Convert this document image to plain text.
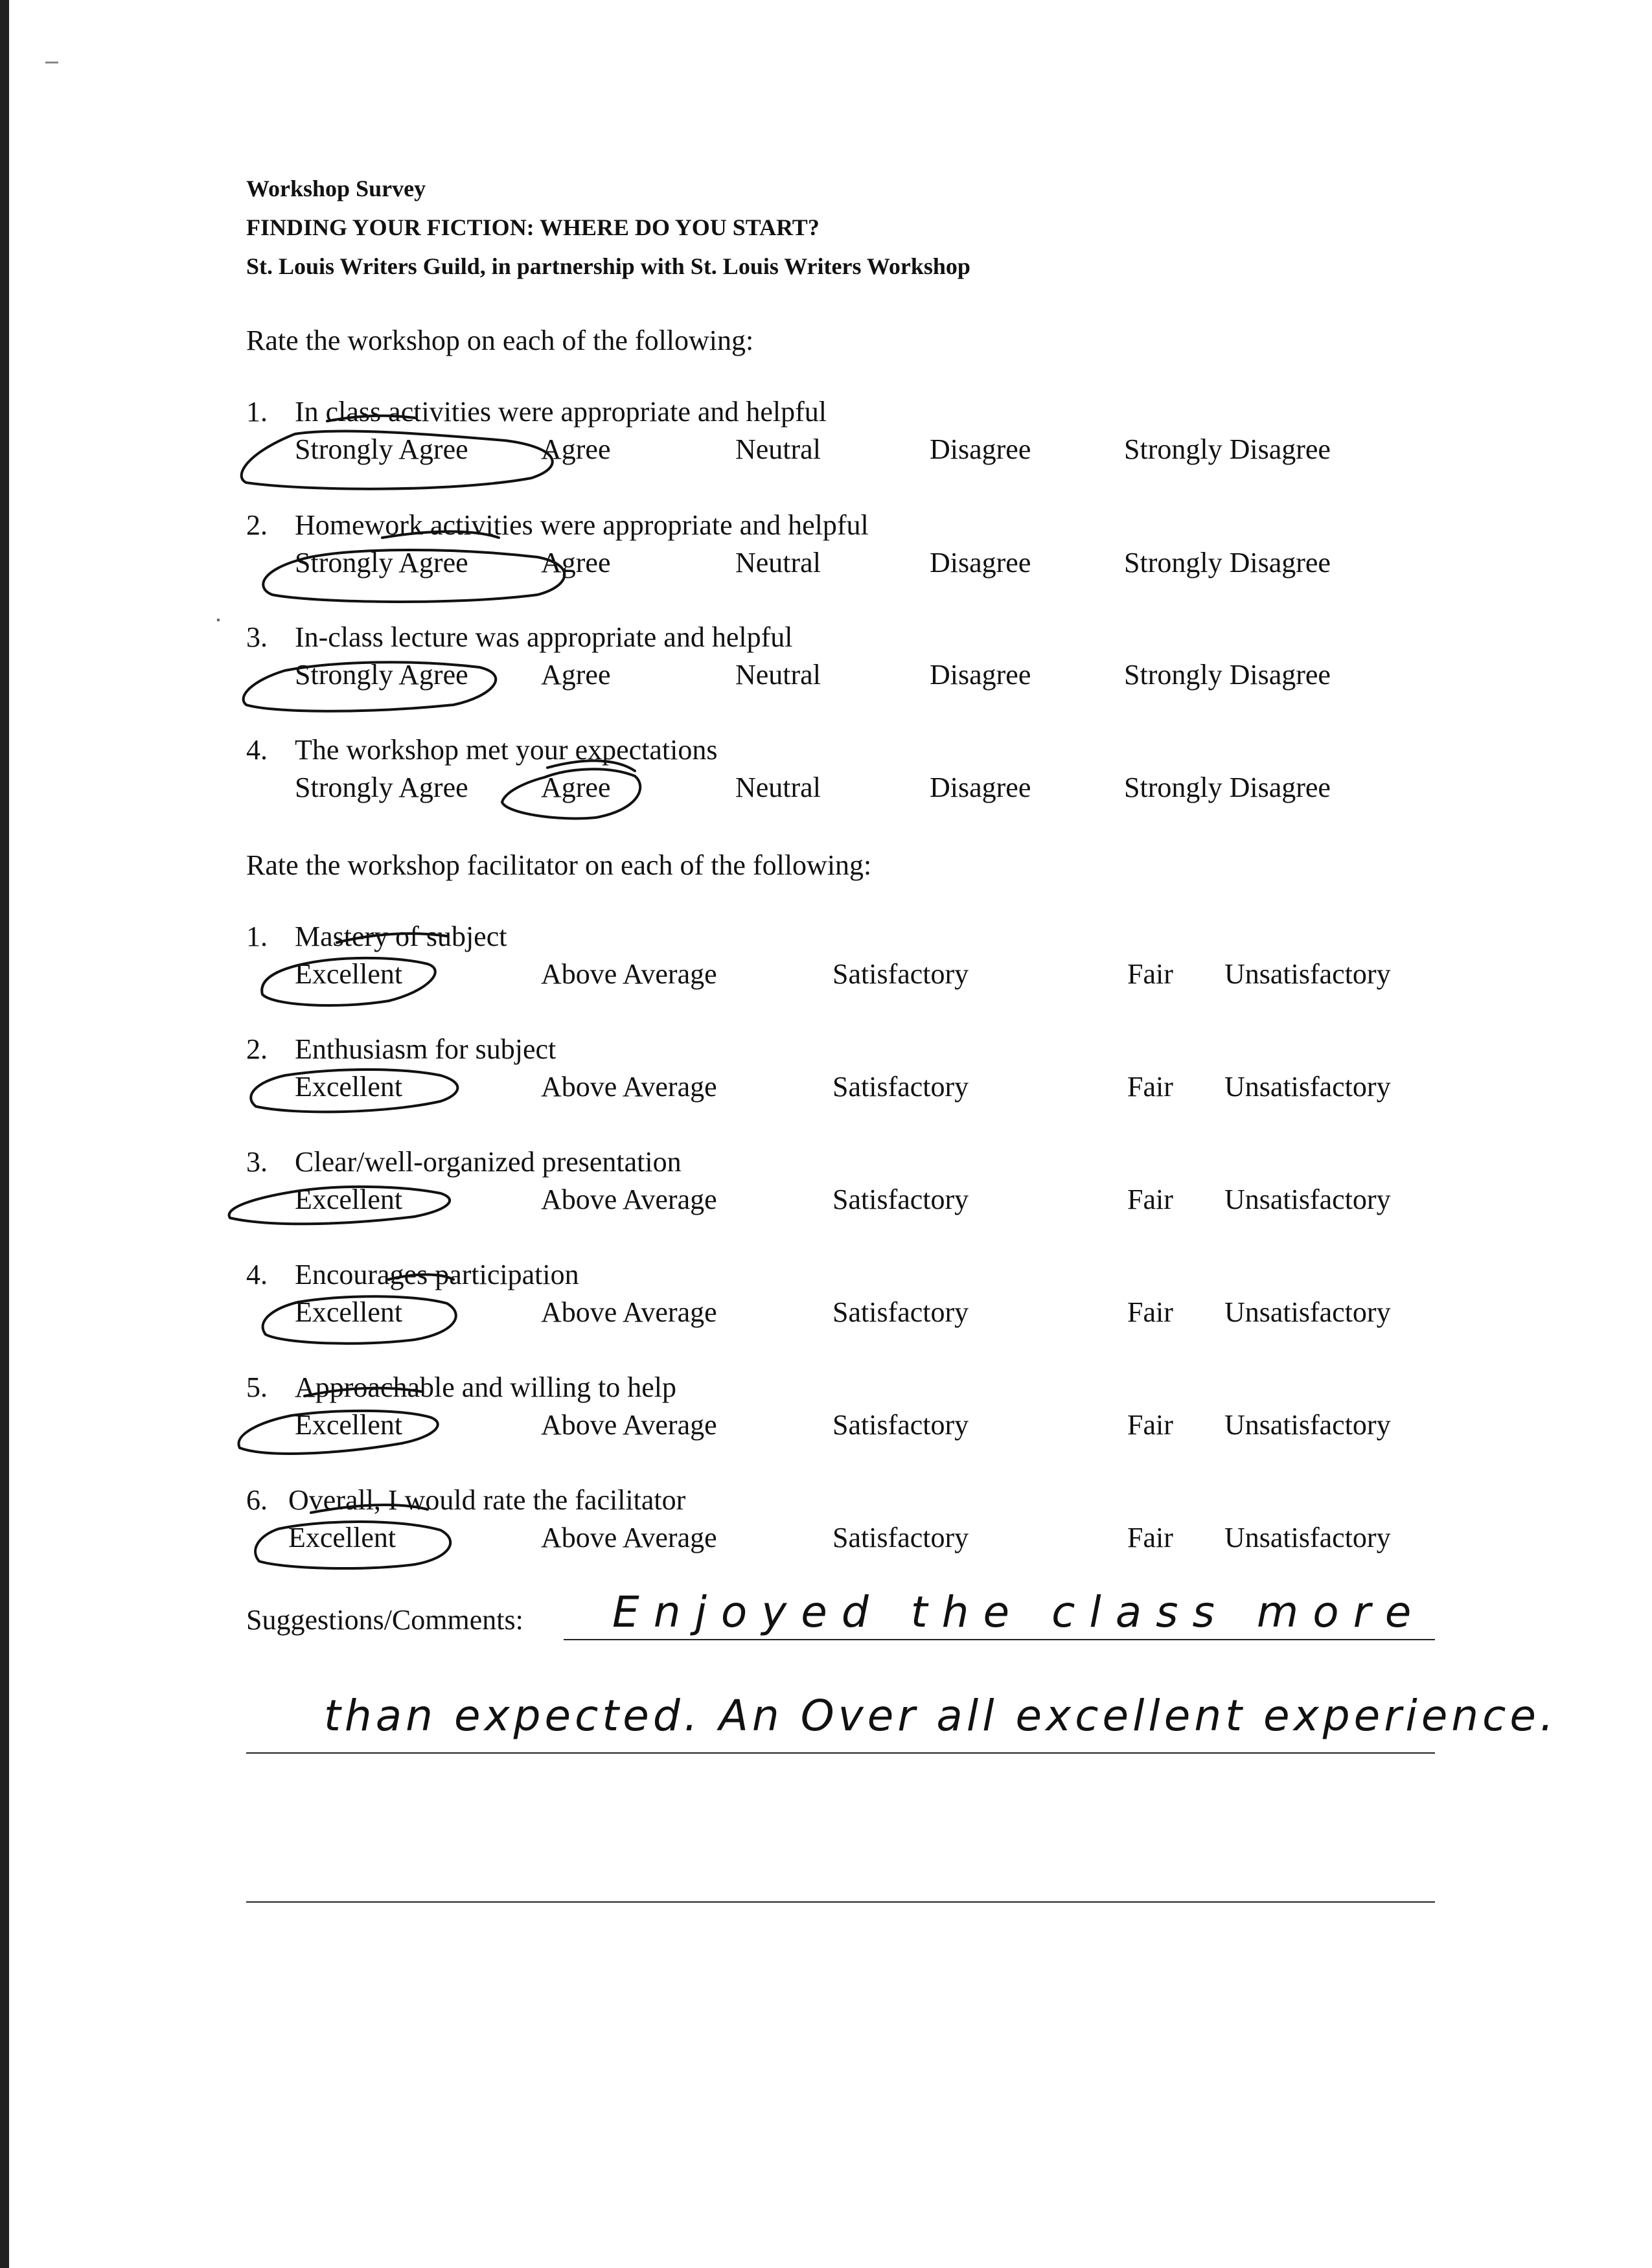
Workshop Survey
FINDING YOUR FICTION: WHERE DO YOU START?
St. Louis Writers Guild, in partnership with St. Louis Writers Workshop
Rate the workshop on each of the following:
1. In class activities were appropriate and helpful
Strongly Agree	Agree	Neutral	Disagree	Strongly Disagree
2. Homework activities were appropriate and helpful
Strongly Agree	Agree	Neutral	Disagree	Strongly Disagree
3. In-class lecture was appropriate and helpful
Strongly Agree	Agree	Neutral	Disagree	Strongly Disagree
4. The workshop met your expectations
Strongly Agree	Agree	Neutral	Disagree	Strongly Disagree
Rate the workshop facilitator on each of the following:
1. Mastery of subject
Excellent	Above Average	Satisfactory	Fair Unsatisfactory
2. Enthusiasm for subject
Excellent	Above Average	Satisfactory	Fair Unsatisfactory
3. Clear/well-organized presentation
Excellent	Above Average	Satisfactory	Fair Unsatisfactory
4. Encourages participation
Excellent	Above Average	Satisfactory	Fair Unsatisfactory
5. Approachable and willing to help
Excellent	Above Average	Satisfactory	Fair Unsatisfactory
6. Overall, I would rate the facilitator
Excellent	Above Average	Satisfactory	Fair Unsatisfactory
Suggestions/Comments: Enjoyed the class more
than expected. An Over all excellent experience.
